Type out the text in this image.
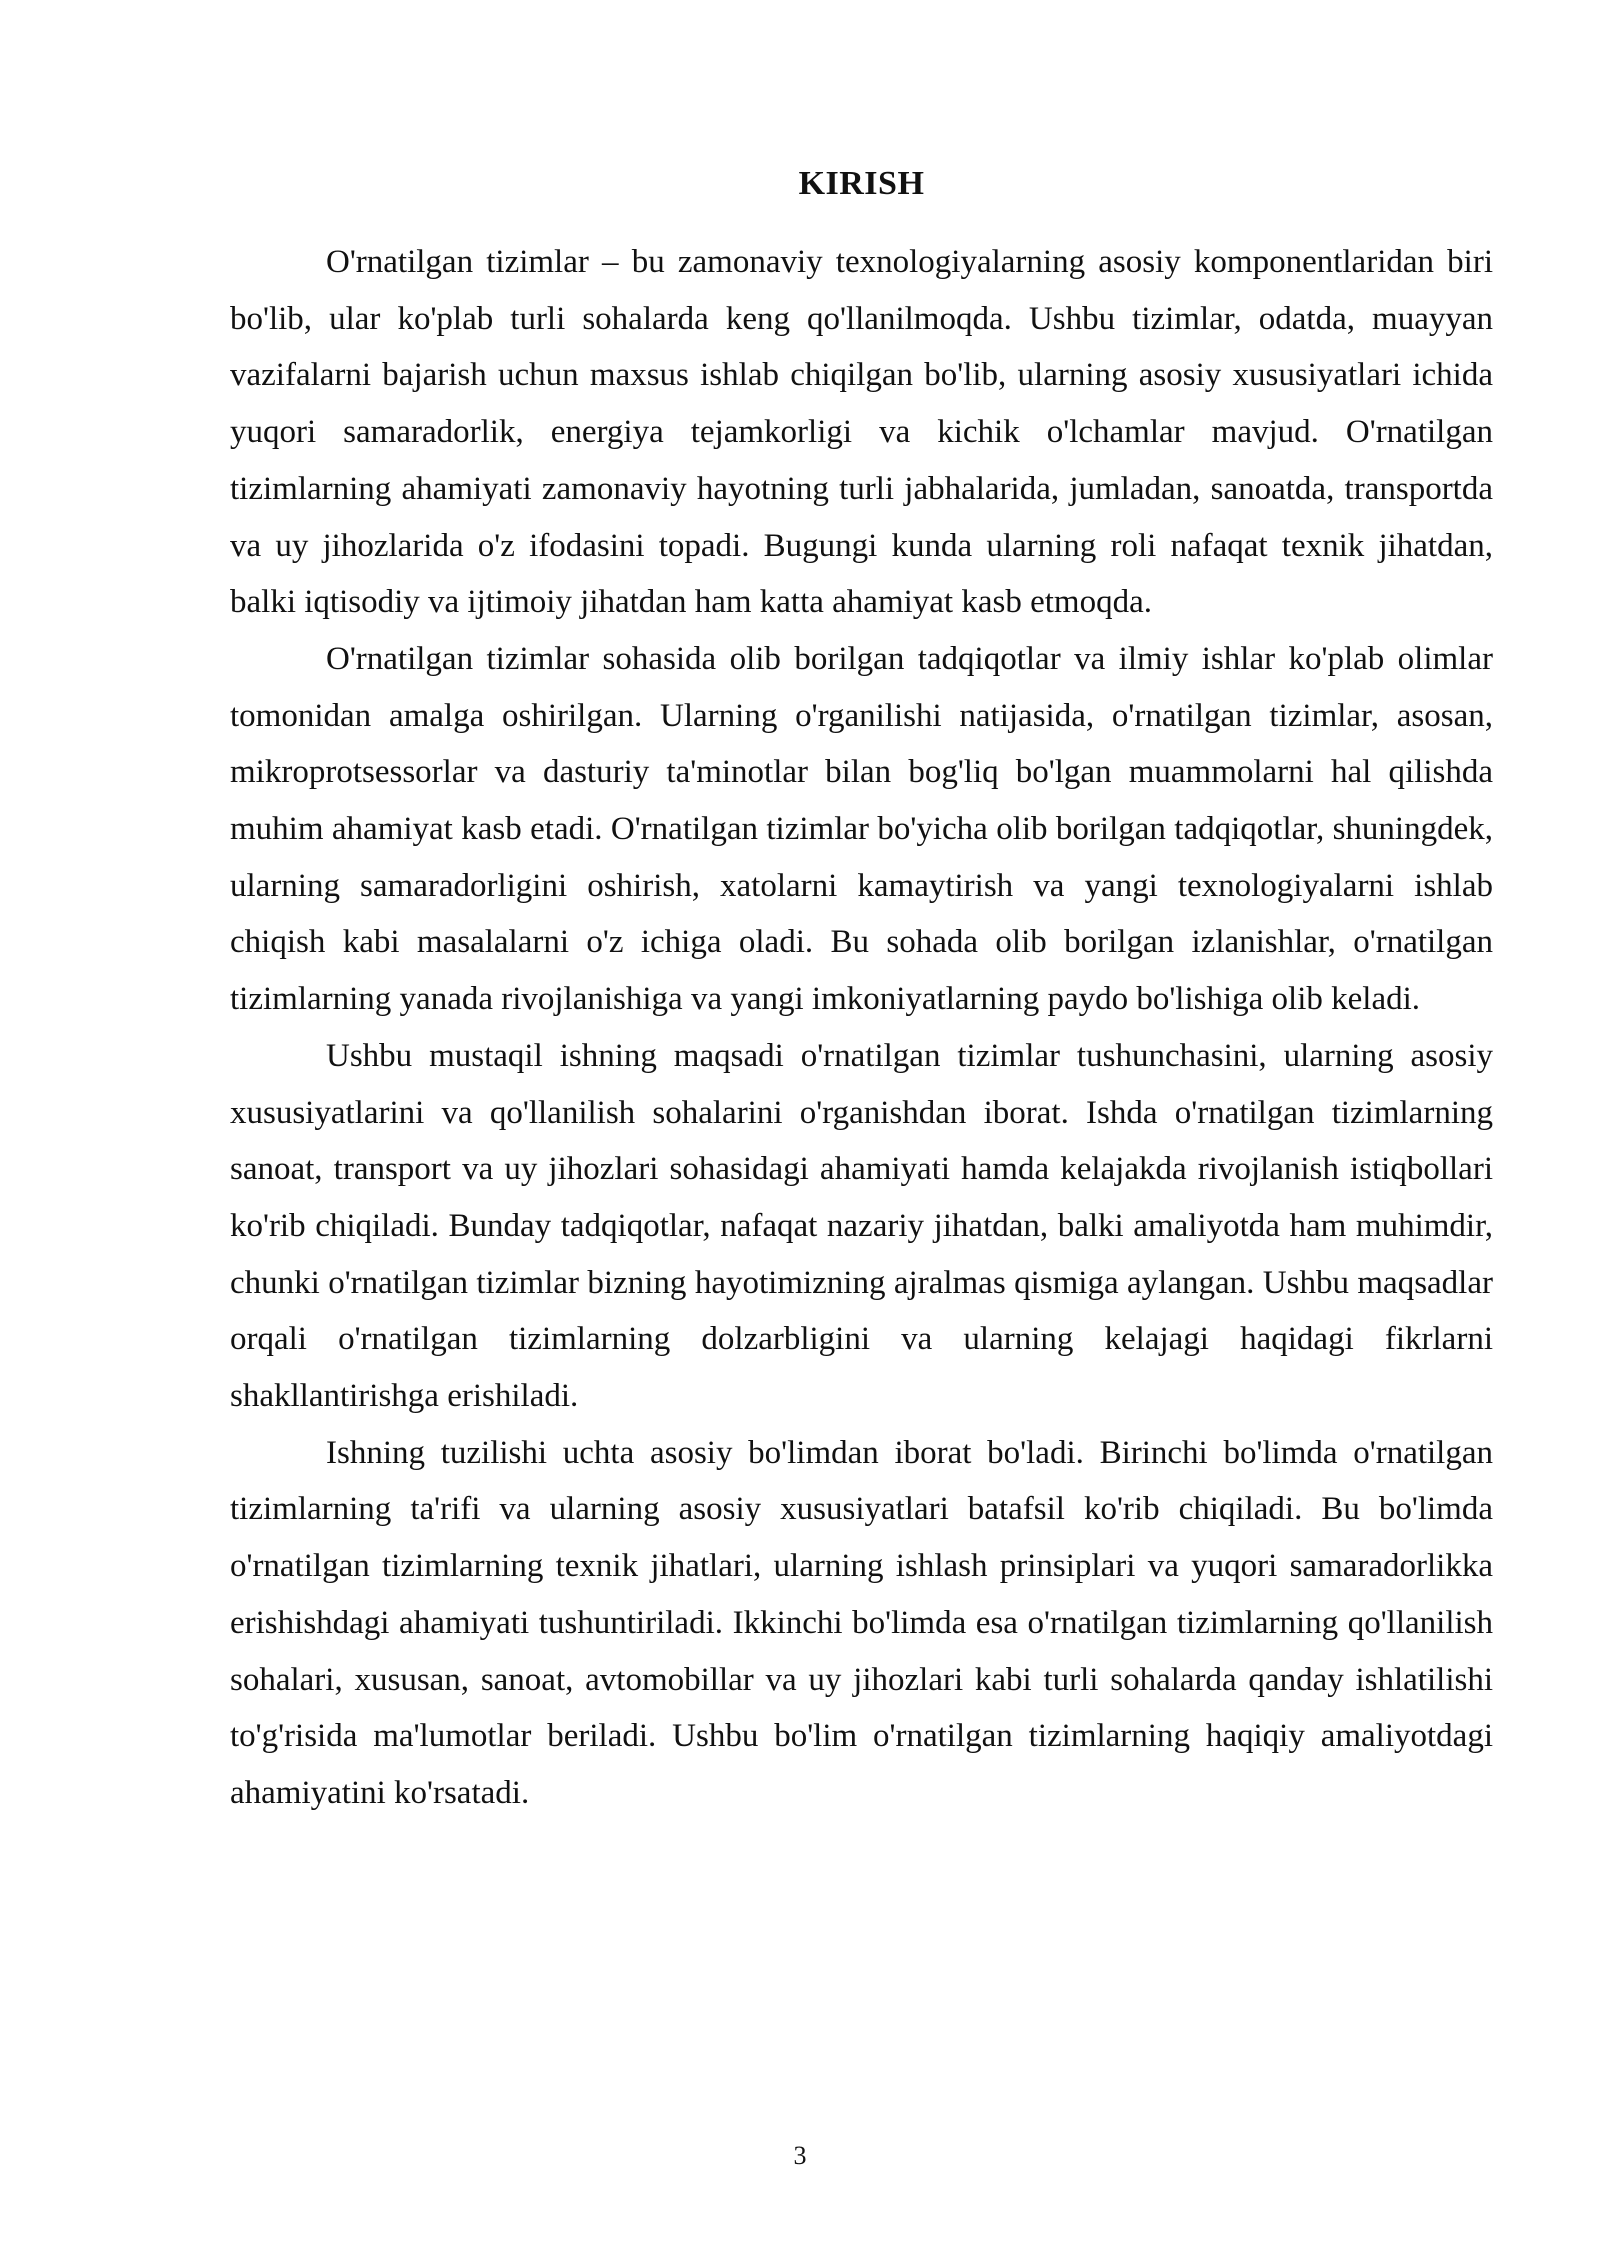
KIRISH

O'rnatilgan tizimlar – bu zamonaviy texnologiyalarning asosiy komponentlaridan biri bo'lib, ular ko'plab turli sohalarda keng qo'llanilmoqda. Ushbu tizimlar, odatda, muayyan vazifalarni bajarish uchun maxsus ishlab chiqilgan bo'lib, ularning asosiy xususiyatlari ichida yuqori samaradorlik, energiya tejamkorligi va kichik o'lchamlar mavjud. O'rnatilgan tizimlarning ahamiyati zamonaviy hayotning turli jabhalarida, jumladan, sanoatda, transportda va uy jihozlarida o'z ifodasini topadi. Bugungi kunda ularning roli nafaqat texnik jihatdan, balki iqtisodiy va ijtimoiy jihatdan ham katta ahamiyat kasb etmoqda.

O'rnatilgan tizimlar sohasida olib borilgan tadqiqotlar va ilmiy ishlar ko'plab olimlar tomonidan amalga oshirilgan. Ularning o'rganilishi natijasida, o'rnatilgan tizimlar, asosan, mikroprotsessorlar va dasturiy ta'minotlar bilan bog'liq bo'lgan muammolarni hal qilishda muhim ahamiyat kasb etadi. O'rnatilgan tizimlar bo'yicha olib borilgan tadqiqotlar, shuningdek, ularning samaradorligini oshirish, xatolarni kamaytirish va yangi texnologiyalarni ishlab chiqish kabi masalalarni o'z ichiga oladi. Bu sohada olib borilgan izlanishlar, o'rnatilgan tizimlarning yanada rivojlanishiga va yangi imkoniyatlarning paydo bo'lishiga olib keladi.

Ushbu mustaqil ishning maqsadi o'rnatilgan tizimlar tushunchasini, ularning asosiy xususiyatlarini va qo'llanilish sohalarini o'rganishdan iborat. Ishda o'rnatilgan tizimlarning sanoat, transport va uy jihozlari sohasidagi ahamiyati hamda kelajakda rivojlanish istiqbollari ko'rib chiqiladi. Bunday tadqiqotlar, nafaqat nazariy jihatdan, balki amaliyotda ham muhimdir, chunki o'rnatilgan tizimlar bizning hayotimizning ajralmas qismiga aylangan. Ushbu maqsadlar orqali o'rnatilgan tizimlarning dolzarbligini va ularning kelajagi haqidagi fikrlarni shakllantirishga erishiladi.

Ishning tuzilishi uchta asosiy bo'limdan iborat bo'ladi. Birinchi bo'limda o'rnatilgan tizimlarning ta'rifi va ularning asosiy xususiyatlari batafsil ko'rib chiqiladi. Bu bo'limda o'rnatilgan tizimlarning texnik jihatlari, ularning ishlash prinsiplari va yuqori samaradorlikka erishishdagi ahamiyati tushuntiriladi. Ikkinchi bo'limda esa o'rnatilgan tizimlarning qo'llanilish sohalari, xususan, sanoat, avtomobillar va uy jihozlari kabi turli sohalarda qanday ishlatilishi to'g'risida ma'lumotlar beriladi. Ushbu bo'lim o'rnatilgan tizimlarning haqiqiy amaliyotdagi ahamiyatini ko'rsatadi.

3
